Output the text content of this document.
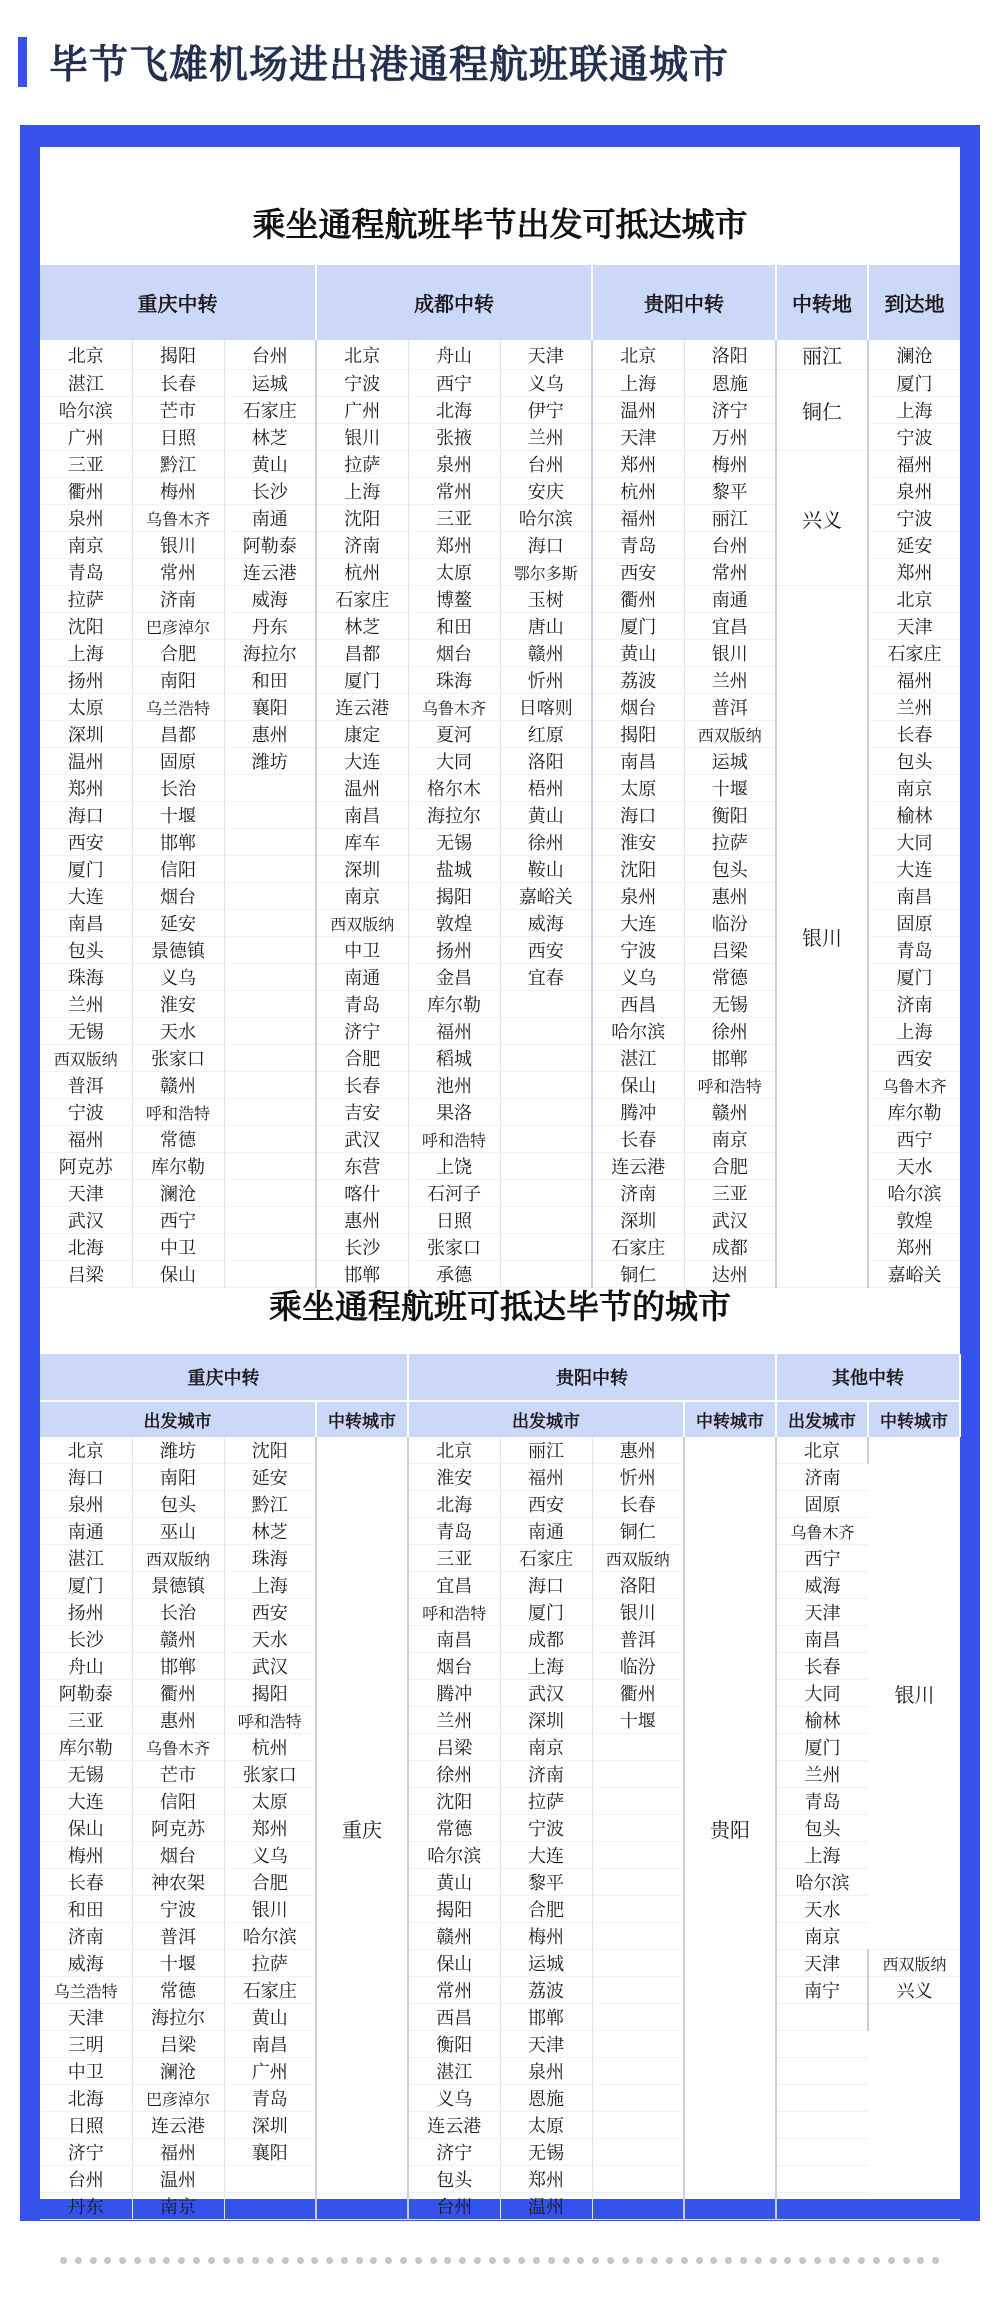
毕节飞雄机场进出港通程航班联通城市
乘坐通程航班毕节出发可抵达城市
重庆中转			成都中转			贵阳中转		中转地	到达地
北京	揭阳	台州	北京	舟山	天津	北京	洛阳	丽江	澜沧
湛江	长春	运城	宁波	西宁	义乌	上海	恩施	铜仁	厦门
哈尔滨	芒市	石家庄	广州	北海	伊宁	温州	济宁		上海
广州	日照	林芝	银川	张掖	兰州	天津	万州		宁波
三亚	黔江	黄山	拉萨	泉州	台州	郑州	梅州	兴义	福州
衢州	梅州	长沙	上海	常州	安庆	杭州	黎平		泉州
泉州	乌鲁木齐	南通	沈阳	三亚	哈尔滨	福州	丽江		宁波
南京	银川	阿勒泰	济南	郑州	海口	青岛	台州		延安
青岛	常州	连云港	杭州	太原	鄂尔多斯	西安	常州		郑州
拉萨	济南	威海	石家庄	博鳌	玉树	衢州	南通	银川	北京
沈阳	巴彦淖尔	丹东	林芝	和田	唐山	厦门	宜昌		天津
上海	合肥	海拉尔	昌都	烟台	赣州	黄山	银川		石家庄
扬州	南阳	和田	厦门	珠海	忻州	荔波	兰州		福州
太原	乌兰浩特	襄阳	连云港	乌鲁木齐	日喀则	烟台	普洱		兰州
深圳	昌都	惠州	康定	夏河	红原	揭阳	西双版纳		长春
温州	固原	潍坊	大连	大同	洛阳	南昌	运城		包头
郑州	长治		温州	格尔木	梧州	太原	十堰		南京
海口	十堰		南昌	海拉尔	黄山	海口	衡阳		榆林
西安	邯郸		库车	无锡	徐州	淮安	拉萨		大同
厦门	信阳		深圳	盐城	鞍山	沈阳	包头		大连
大连	烟台		南京	揭阳	嘉峪关	泉州	惠州		南昌
南昌	延安		西双版纳	敦煌	威海	大连	临汾		固原
包头	景德镇		中卫	扬州	西安	宁波	吕梁		青岛
珠海	义乌		南通	金昌	宜春	义乌	常德		厦门
兰州	淮安		青岛	库尔勒		西昌	无锡		济南
无锡	天水		济宁	福州		哈尔滨	徐州		上海
西双版纳	张家口		合肥	稻城		湛江	邯郸		西安
普洱	赣州		长春	池州		保山	呼和浩特		乌鲁木齐
宁波	呼和浩特		吉安	果洛		腾冲	赣州		库尔勒
福州	常德		武汉	呼和浩特		长春	南京		西宁
阿克苏	库尔勒		东营	上饶		连云港	合肥		天水
天津	澜沧		喀什	石河子		济南	三亚		哈尔滨
武汉	西宁		惠州	日照		深圳	武汉		敦煌
北海	中卫		长沙	张家口		石家庄	成都		郑州
吕梁	保山		邯郸	承德		铜仁	达州		嘉峪关
乘坐通程航班可抵达毕节的城市
重庆中转				贵阳中转				其他中转	
出发城市			中转城市	出发城市			中转城市	出发城市	中转城市
北京	潍坊	沈阳	重庆	北京	丽江	惠州	贵阳	北京	银川
海口	南阳	延安		淮安	福州	忻州		济南	
泉州	包头	黔江		北海	西安	长春		固原	
南通	巫山	林芝		青岛	南通	铜仁		乌鲁木齐	
湛江	西双版纳	珠海		三亚	石家庄	西双版纳		西宁	
厦门	景德镇	上海		宜昌	海口	洛阳		威海	
扬州	长治	西安		呼和浩特	厦门	银川		天津	
长沙	赣州	天水		南昌	成都	普洱		南昌	
舟山	邯郸	武汉		烟台	上海	临汾		长春	
阿勒泰	衢州	揭阳		腾冲	武汉	衢州		大同	
三亚	惠州	呼和浩特		兰州	深圳	十堰		榆林	
库尔勒	乌鲁木齐	杭州		吕梁	南京			厦门	
无锡	芒市	张家口		徐州	济南			兰州	
大连	信阳	太原		沈阳	拉萨			青岛	
保山	阿克苏	郑州		常德	宁波			包头	
梅州	烟台	义乌		哈尔滨	大连			上海	
长春	神农架	合肥		黄山	黎平			哈尔滨	
和田	宁波	银川		揭阳	合肥			天水	
济南	普洱	哈尔滨		赣州	梅州			南京	
威海	十堰	拉萨		保山	运城			天津	西双版纳
乌兰浩特	常德	石家庄		常州	荔波			南宁	兴义
天津	海拉尔	黄山		西昌	邯郸				
三明	吕梁	南昌		衡阳	天津				
中卫	澜沧	广州		湛江	泉州				
北海	巴彦淖尔	青岛		义乌	恩施				
日照	连云港	深圳		连云港	太原				
济宁	福州	襄阳		济宁	无锡				
台州	温州			包头	郑州				
丹东	南京			台州	温州				
